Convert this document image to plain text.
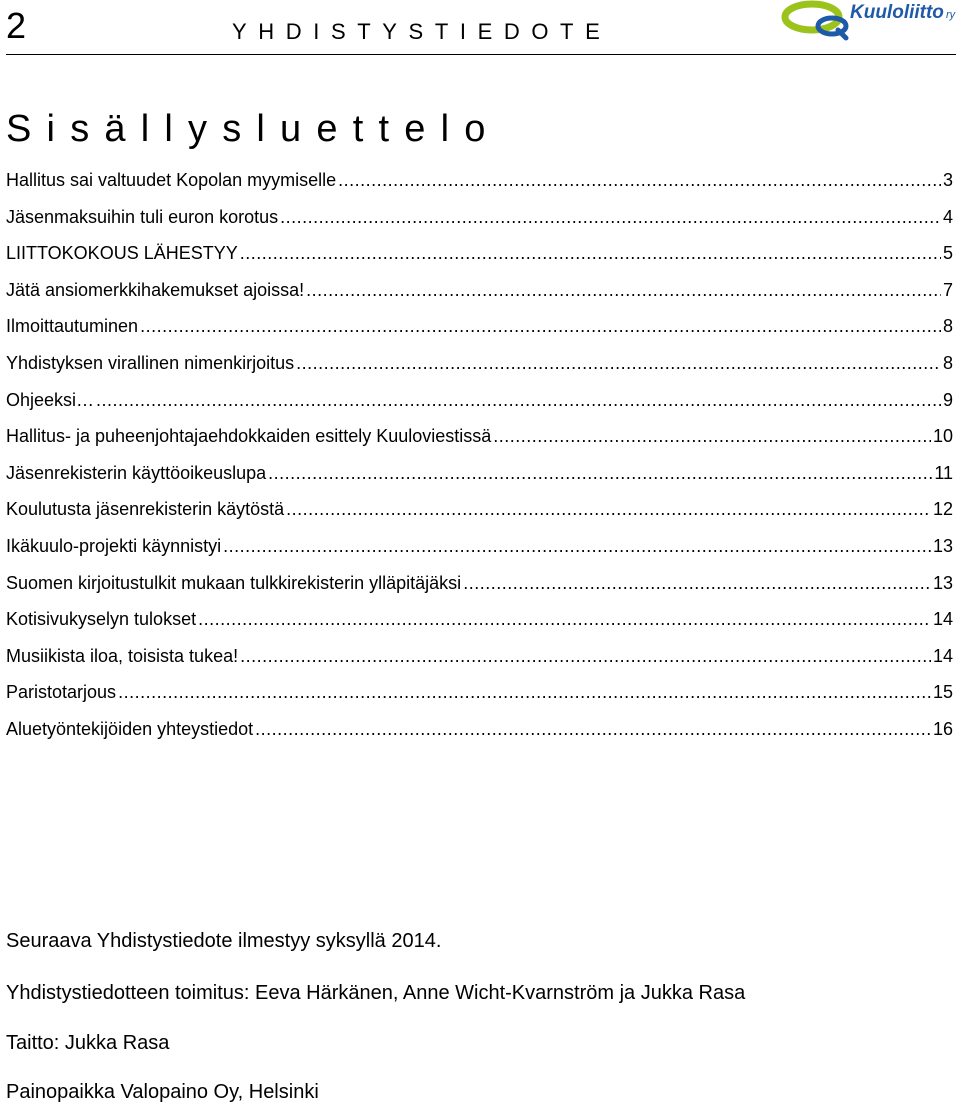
2	YHDISTYSTIEDOTE
Kuuloliitto ry
Sisällysluettelo
Hallitus sai valtuudet Kopolan myymiselle .....	3
Jäsenmaksuihin tuli euron korotus .....	4
LIITTOKOKOUS LÄHESTYY .....	5
Jätä ansiomerkkihakemukset ajoissa! .....	7
Ilmoittautuminen .....	8
Yhdistyksen virallinen nimenkirjoitus .....	8
Ohjeeksi… .....	9
Hallitus- ja puheenjohtajaehdokkaiden esittely Kuuloviestissä .....	10
Jäsenrekisterin käyttöoikeuslupa .....	11
Koulutusta jäsenrekisterin käytöstä .....	12
Ikäkuulo-projekti käynnistyi .....	13
Suomen kirjoitustulkit mukaan tulkkirekisterin ylläpitäjäksi .....	13
Kotisivukyselyn tulokset .....	14
Musiikista iloa, toisista tukea! .....	14
Paristotarjous .....	15
Aluetyöntekijöiden yhteystiedot .....	16
Seuraava Yhdistystiedote ilmestyy syksyllä 2014.
Yhdistystiedotteen toimitus: Eeva Härkänen, Anne Wicht-Kvarnström ja Jukka Rasa
Taitto: Jukka Rasa
Painopaikka Valopaino Oy, Helsinki
